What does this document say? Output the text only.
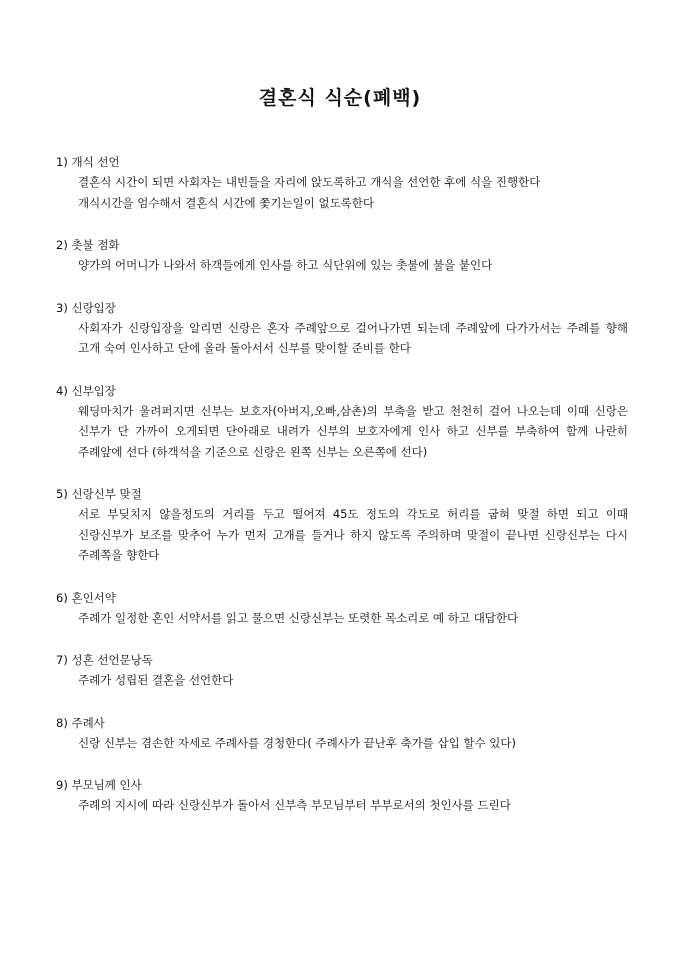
결혼식 식순(폐백)

1) 개식 선언

결혼식 시간이 되면 사회자는 내빈들을 자리에 앉도록하고 개식을 선언한 후에 식을 진행한다

개식시간을 엄수해서 결혼식 시간에 쫓기는일이 없도록한다

2) 촛불 점화

양가의 어머니가 나와서 하객들에게 인사를 하고 식단위에 있는 촛불에 불을 붙인다

3) 신랑입장

사회자가 신랑입장을 알리면 신랑은 혼자 주례앞으로 걸어나가면 되는데 주례앞에 다가가서는 주례를 향해 고개 숙여 인사하고 단에 올라 돌아서서 신부를 맞이할 준비를 한다

4) 신부입장

웨딩마치가 울려퍼지면 신부는 보호자(아버지,오빠,삼촌)의 부축을 받고 천천히 걸어 나오는데 이때 신랑은 신부가 단 가까이 오게되면 단아래로 내려가 신부의 보호자에게 인사 하고 신부를 부축하여 함께 나란히 주례앞에 선다 (하객석을 기준으로 신랑은 왼쪽 신부는 오른쪽에 선다)

5) 신랑신부 맞절

서로 부딪치지 않을정도의 거리를 두고 떨어져 45도 정도의 각도로 허리를 굽혀 맞절 하면 되고 이때 신랑신부가 보조를 맞추어 누가 먼저 고개를 들거나 하지 않도록 주의하며 맞절이 끝나면 신랑신부는 다시 주례쪽을 향한다

6) 혼인서약

주례가 일정한 혼인 서약서를 읽고 물으면 신랑신부는 또렷한 목소리로 예 하고 대답한다

7) 성혼 선언문낭독

주례가 성립된 결혼을 선언한다

8) 주례사

신랑 신부는 겸손한 자세로 주례사를 경청한다( 주례사가 끝난후 축가를 삽입 할수 있다)

9) 부모님께 인사

주례의 지시에 따라 신랑신부가 돌아서 신부측 부모님부터 부부로서의 첫인사를 드린다
